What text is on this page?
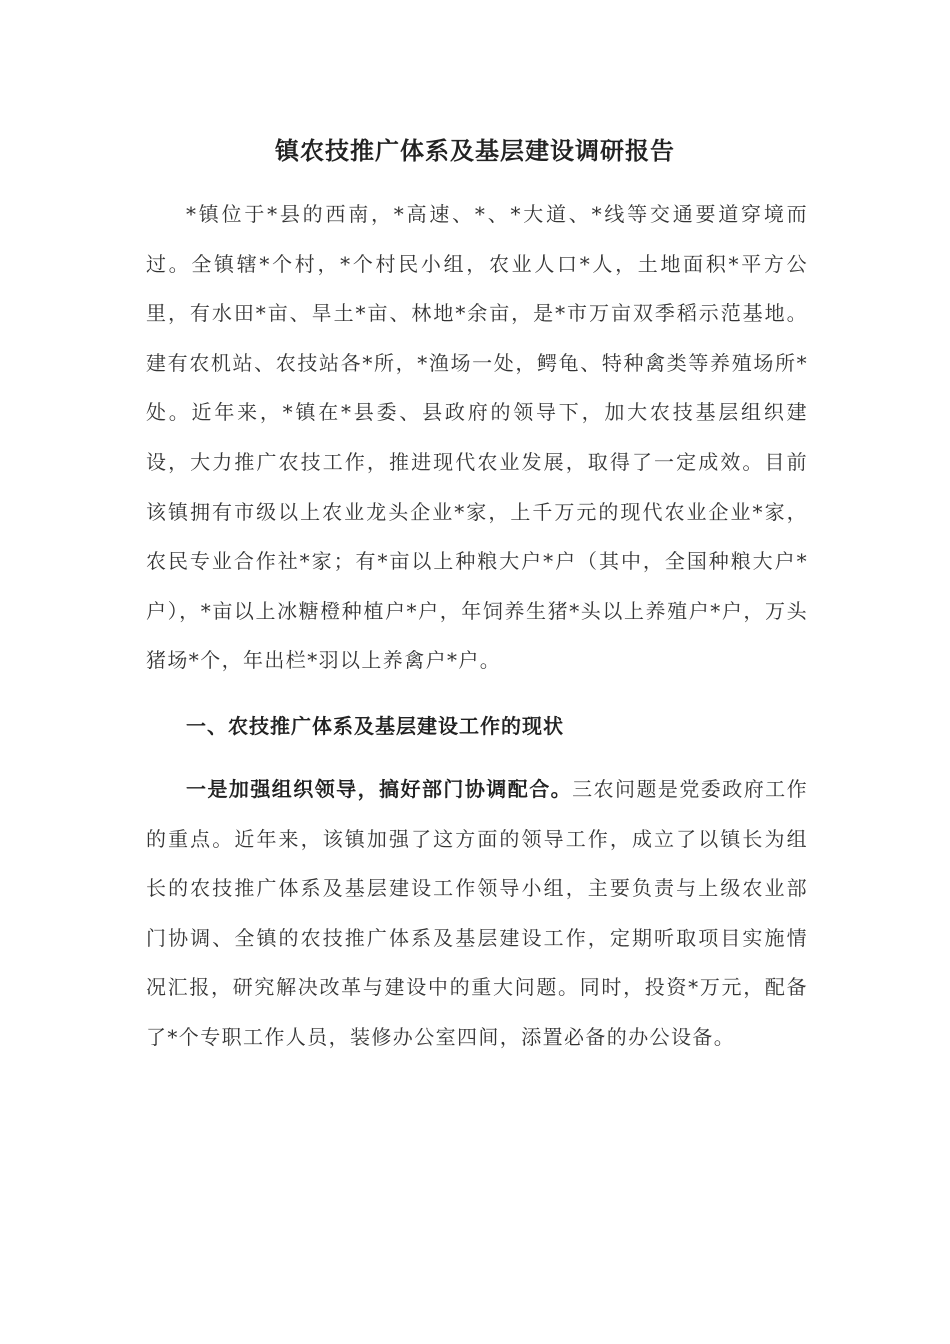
镇农技推广体系及基层建设调研报告

*镇位于*县的西南，*高速、*、*大道、*线等交通要道穿境而过。全镇辖*个村，*个村民小组，农业人口*人，土地面积*平方公里，有水田*亩、旱土*亩、林地*余亩，是*市万亩双季稻示范基地。建有农机站、农技站各*所，*渔场一处，鳄龟、特种禽类等养殖场所*处。近年来，*镇在*县委、县政府的领导下，加大农技基层组织建设，大力推广农技工作，推进现代农业发展，取得了一定成效。目前该镇拥有市级以上农业龙头企业*家，上千万元的现代农业企业*家，农民专业合作社*家；有*亩以上种粮大户*户（其中，全国种粮大户*户），*亩以上冰糖橙种植户*户，年饲养生猪*头以上养殖户*户，万头猪场*个，年出栏*羽以上养禽户*户。

一、农技推广体系及基层建设工作的现状

一是加强组织领导，搞好部门协调配合。三农问题是党委政府工作的重点。近年来，该镇加强了这方面的领导工作，成立了以镇长为组长的农技推广体系及基层建设工作领导小组，主要负责与上级农业部门协调、全镇的农技推广体系及基层建设工作，定期听取项目实施情况汇报，研究解决改革与建设中的重大问题。同时，投资*万元，配备了*个专职工作人员，装修办公室四间，添置必备的办公设备。
